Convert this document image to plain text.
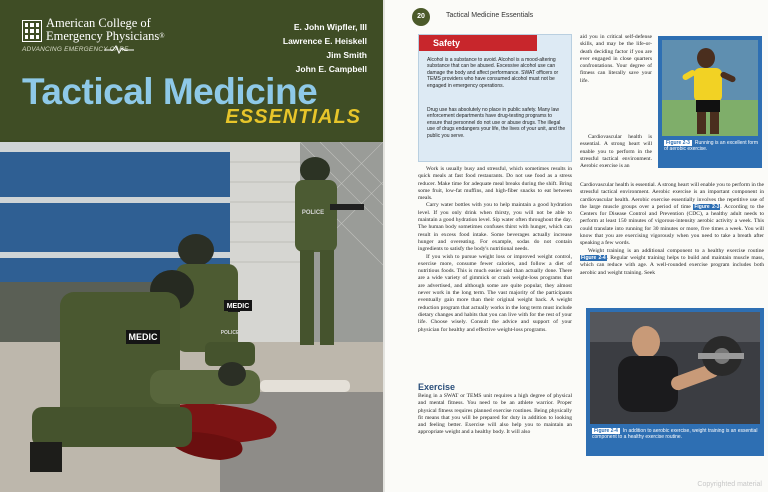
American College of
Emergency Physicians®
ADVANCING EMERGENCY CARE
E. John Wipfler, III
Lawrence E. Heiskell
Jim Smith
John E. Campbell
Tactical Medicine
ESSENTIALS
MEDIC
MEDIC
POLICE
POLICE
20	Tactical Medicine Essentials
Safety

Alcohol is a substance to avoid. Alcohol is a mood-altering substance that can be abused. Excessive alcohol use can damage the body and affect performance. SWAT officers or TEMS providers who have consumed alcohol must not be engaged in emergency operations.

Drug use has absolutely no place in public safety. Many law enforcement departments have drug-testing programs to ensure that personnel do not use or abuse drugs. The illegal use of drugs endangers your life, the lives of your unit, and the public you serve.

Work is usually busy and stressful, which sometimes results in quick meals at fast food restaurants. Do not use food as a stress reducer. Make time for adequate meal breaks during the shift. Bring some fruit, low-fat muffins, and high-fiber snacks to eat between meals.

Carry water bottles with you to help maintain a good hydration level. If you only drink when thirsty, you will not be able to maintain a good hydration level. Sip water often throughout the day. The human body sometimes confuses thirst with hunger, which can result in excess food intake. Some beverages actually increase hunger and overeating. For example, sodas do not contain ingredients to satisfy the body's nutritional needs.

If you wish to pursue weight loss or improved weight control, exercise more, consume fewer calories, and follow a diet of nutritious foods. This is much easier said than actually done. There are a wide variety of gimmick or crash weight-loss programs that are advertised, and although some are quite popular, they almost never work in the long term. The vast majority of the participants eventually gain more than their original weight back. A weight reduction program that actually works in the long term must include dietary changes and habits that you can live with for the rest of your life. Choose wisely. Consult the advice and support of your physician for healthy and effective weight-loss programs.

Exercise

Being in a SWAT or TEMS unit requires a high degree of physical and mental fitness. You need to be an athlete warrior. Proper physical fitness requires planned exercise routines. Being physically fit means that you will be prepared for duty in addition to looking and feeling better. Exercise will also help you to maintain an appropriate weight and a healthy body. It will also

aid you in critical self-defense skills, and may be the life-or-death deciding factor if you are ever engaged in close quarters confrontations. Your degree of fitness can literally save your life.

Cardiovascular health is essential. A strong heart will enable you to perform in the stressful tactical environment. Aerobic exercise is an

Cardiovascular health is essential. A strong heart will enable you to perform in the stressful tactical environment. Aerobic exercise is an important component in cardiovascular health. Aerobic exercise essentially involves the repetitive use of the large muscle groups over a period of time Figure 2-3. According to the Centers for Disease Control and Prevention (CDC), a healthy adult needs to perform at least 150 minutes of vigorous-intensity aerobic activity a week. This could translate into running for 30 minutes or more, five times a week. You will know that you are exercising vigorously when you need to take a breath after speaking a few words.

Weight training is an additional component to a healthy exercise routine Figure 2-4. Regular weight training helps to build and maintain muscle mass, which can reduce with age. A well-rounded exercise program includes both aerobic and weight training. Seek

Figure 2-3 Running is an excellent form of aerobic exercise.
Figure 2-4 In addition to aerobic exercise, weight training is an essential component to a healthy exercise routine.
Copyrighted material
